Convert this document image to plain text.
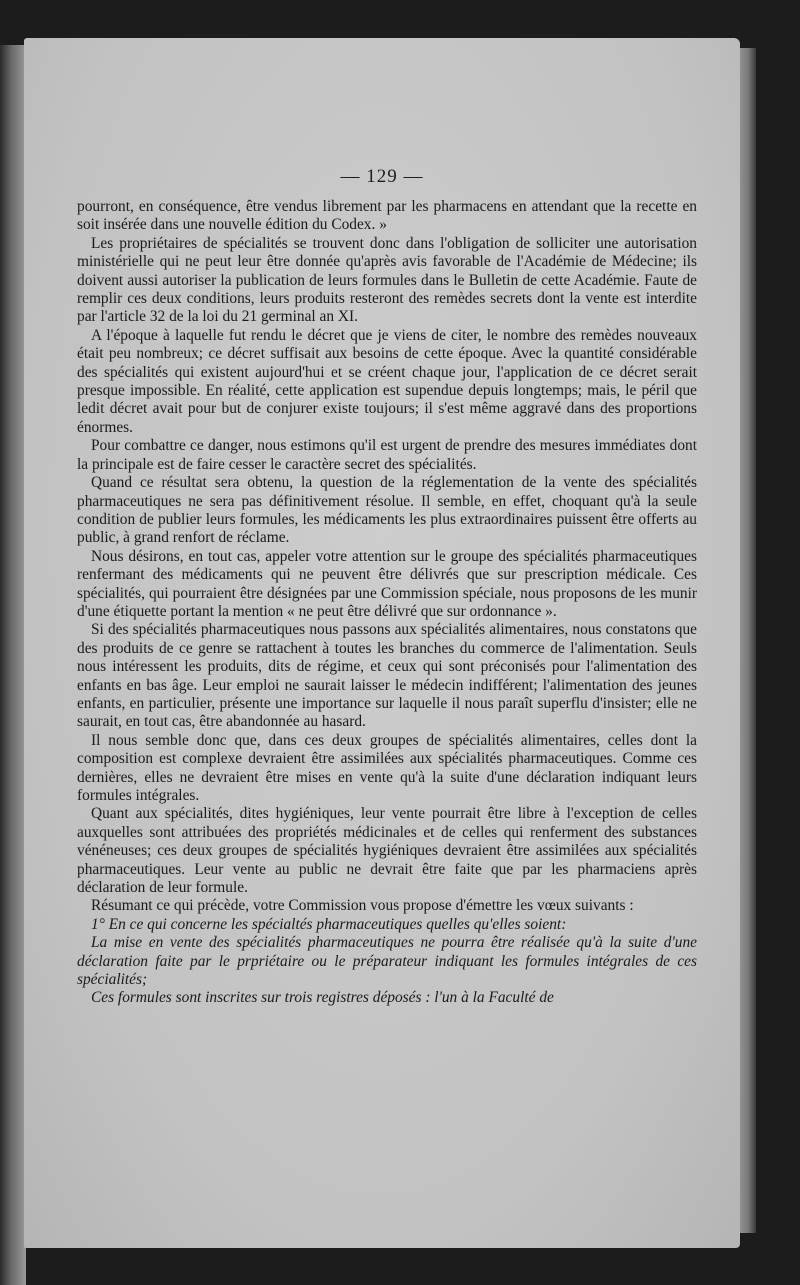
— 129 —

pourront, en conséquence, être vendus librement par les pharmacens en attendant que la recette en soit insérée dans une nouvelle édition du Codex. »

Les propriétaires de spécialités se trouvent donc dans l'obligation de solliciter une autorisation ministérielle qui ne peut leur être donnée qu'après avis favorable de l'Académie de Médecine; ils doivent aussi autoriser la publication de leurs formules dans le Bulletin de cette Académie. Faute de remplir ces deux conditions, leurs produits resteront des remèdes secrets dont la vente est interdite par l'article 32 de la loi du 21 germinal an XI.

A l'époque à laquelle fut rendu le décret que je viens de citer, le nombre des remèdes nouveaux était peu nombreux; ce décret suffisait aux besoins de cette époque. Avec la quantité considérable des spécialités qui existent aujourd'hui et se créent chaque jour, l'application de ce décret serait presque impossible. En réalité, cette application est supendue depuis longtemps; mais, le péril que ledit décret avait pour but de conjurer existe toujours; il s'est même aggravé dans des proportions énormes.

Pour combattre ce danger, nous estimons qu'il est urgent de prendre des mesures immédiates dont la principale est de faire cesser le caractère secret des spécialités.

Quand ce résultat sera obtenu, la question de la réglementation de la vente des spécialités pharmaceutiques ne sera pas définitivement résolue. Il semble, en effet, choquant qu'à la seule condition de publier leurs formules, les médicaments les plus extraordinaires puissent être offerts au public, à grand renfort de réclame.

Nous désirons, en tout cas, appeler votre attention sur le groupe des spécialités pharmaceutiques renfermant des médicaments qui ne peuvent être délivrés que sur prescription médicale. Ces spécialités, qui pourraient être désignées par une Commission spéciale, nous proposons de les munir d'une étiquette portant la mention « ne peut être délivré que sur ordonnance ».

Si des spécialités pharmaceutiques nous passons aux spécialités alimentaires, nous constatons que des produits de ce genre se rattachent à toutes les branches du commerce de l'alimentation. Seuls nous intéressent les produits, dits de régime, et ceux qui sont préconisés pour l'alimentation des enfants en bas âge. Leur emploi ne saurait laisser le médecin indifférent; l'alimentation des jeunes enfants, en particulier, présente une importance sur laquelle il nous paraît superflu d'insister; elle ne saurait, en tout cas, être abandonnée au hasard.

Il nous semble donc que, dans ces deux groupes de spécialités alimentaires, celles dont la composition est complexe devraient être assimilées aux spécialités pharmaceutiques. Comme ces dernières, elles ne devraient être mises en vente qu'à la suite d'une déclaration indiquant leurs formules intégrales.

Quant aux spécialités, dites hygiéniques, leur vente pourrait être libre à l'exception de celles auxquelles sont attribuées des propriétés médicinales et de celles qui renferment des substances vénéneuses; ces deux groupes de spécialités hygiéniques devraient être assimilées aux spécialités pharmaceutiques. Leur vente au public ne devrait être faite que par les pharmaciens après déclaration de leur formule.

Résumant ce qui précède, votre Commission vous propose d'émettre les vœux suivants :

1° En ce qui concerne les spécialtés pharmaceutiques quelles qu'elles soient:

La mise en vente des spécialités pharmaceutiques ne pourra être réalisée qu'à la suite d'une déclaration faite par le prpriétaire ou le préparateur indiquant les formules intégrales de ces spécialités;

Ces formules sont inscrites sur trois registres déposés : l'un à la Faculté de
